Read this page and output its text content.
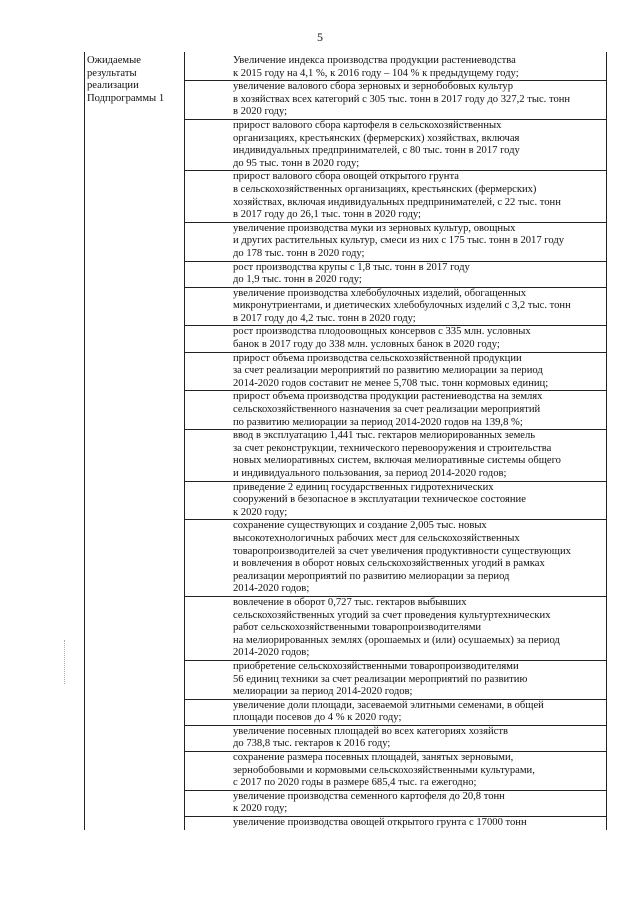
5
Ожидаемые
результаты
реализации
Подпрограммы 1

Увеличение индекса производства продукции растениеводства
к 2015 году на 4,1 %, к 2016 году – 104 % к предыдущему году;
увеличение валового сбора зерновых и зернобобовых культур
в хозяйствах всех категорий с 305 тыс. тонн в 2017 году до 327,2 тыс. тонн
в 2020 году;
прирост валового сбора картофеля в сельскохозяйственных
организациях, крестьянских (фермерских) хозяйствах, включая
индивидуальных предпринимателей, с 80 тыс. тонн в 2017 году
до 95 тыс. тонн в 2020 году;
прирост валового сбора овощей открытого грунта
в сельскохозяйственных организациях, крестьянских (фермерских)
хозяйствах, включая индивидуальных предпринимателей, с 22 тыс. тонн
в 2017 году до 26,1 тыс. тонн в 2020 году;
увеличение производства муки из зерновых культур, овощных
и других растительных культур, смеси из них с 175 тыс. тонн в 2017 году
до 178 тыс. тонн в 2020 году;
рост производства крупы с 1,8 тыс. тонн в 2017 году
до 1,9 тыс. тонн в 2020 году;
увеличение производства хлебобулочных изделий, обогащенных
микронутриентами, и диетических хлебобулочных изделий с 3,2 тыс. тонн
в 2017 году до 4,2 тыс. тонн в 2020 году;
рост производства плодоовощных консервов с 335 млн. условных
банок в 2017 году до 338 млн. условных банок в 2020 году;
прирост объема производства сельскохозяйственной продукции
за счет реализации мероприятий по развитию мелиорации за период
2014-2020 годов составит не менее 5,708 тыс. тонн кормовых единиц;
прирост объема производства продукции растениеводства на землях
сельскохозяйственного назначения за счет реализации мероприятий
по развитию мелиорации за период 2014-2020 годов на 139,8 %;
ввод в эксплуатацию 1,441 тыс. гектаров мелиорированных земель
за счет реконструкции, технического перевооружения и строительства
новых мелиоративных систем, включая мелиоративные системы общего
и индивидуального пользования, за период 2014-2020 годов;
приведение 2 единиц государственных гидротехнических
сооружений в безопасное в эксплуатации техническое состояние
к 2020 году;
сохранение существующих и создание 2,005 тыс. новых
высокотехнологичных рабочих мест для сельскохозяйственных
товаропроизводителей за счет увеличения продуктивности существующих
и вовлечения в оборот новых сельскохозяйственных угодий в рамках
реализации мероприятий по развитию мелиорации за период
2014-2020 годов;
вовлечение в оборот 0,727 тыс. гектаров выбывших
сельскохозяйственных угодий за счет проведения культуртехнических
работ сельскохозяйственными товаропроизводителями
на мелиорированных землях (орошаемых и (или) осушаемых) за период
2014-2020 годов;
приобретение сельскохозяйственными товаропроизводителями
56 единиц техники за счет реализации мероприятий по развитию
мелиорации за период 2014-2020 годов;
увеличение доли площади, засеваемой элитными семенами, в общей
площади посевов до 4 % к 2020 году;
увеличение посевных площадей во всех категориях хозяйств
до 738,8 тыс. гектаров к 2016 году;
сохранение размера посевных площадей, занятых зерновыми,
зернобобовыми и кормовыми сельскохозяйственными культурами,
с 2017 по 2020 годы в размере 685,4 тыс. га ежегодно;
увеличение производства семенного картофеля до 20,8 тонн
к 2020 году;
увеличение производства овощей открытого грунта с 17000 тонн
